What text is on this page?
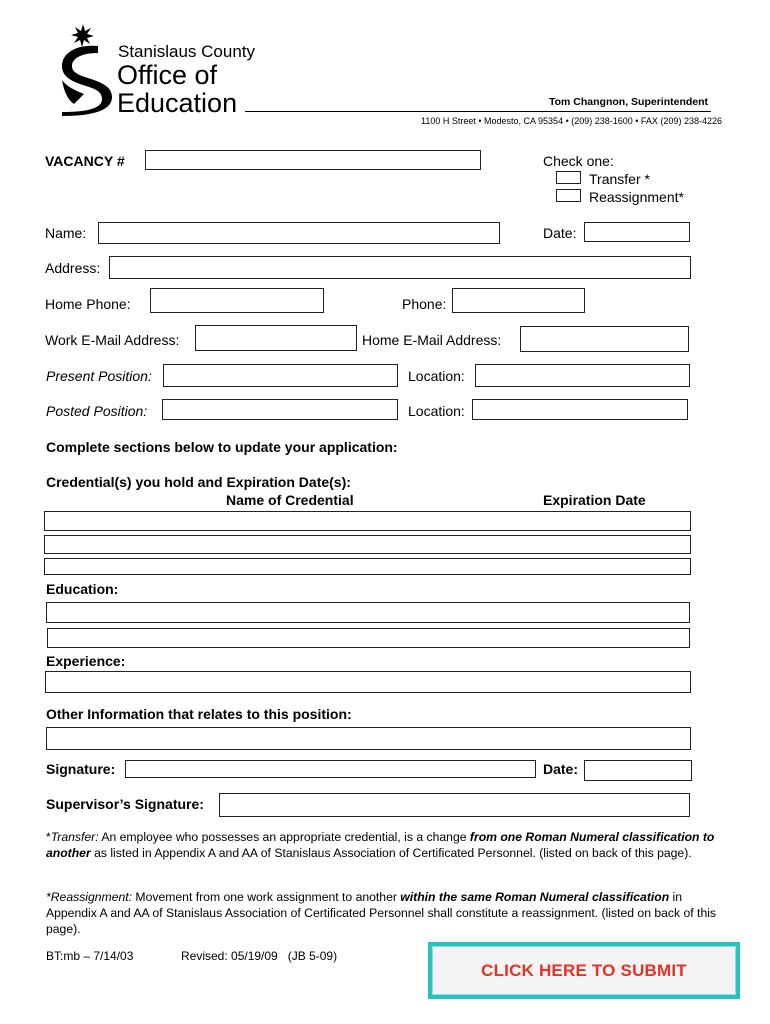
Stanislaus County
Office of
Education	Tom Changnon, Superintendent
1100 H Street • Modesto, CA 95354 • (209) 238-1600 • FAX (209) 238-4226
VACANCY #	Check one:
Transfer *
Reassignment*
Name:	Date:
Address:
Home Phone:	Phone:
Work E-Mail Address:	Home E-Mail Address:
Present Position:	Location:
Posted Position:	Location:
Complete sections below to update your application:
Credential(s) you hold and Expiration Date(s):
Name of Credential	Expiration Date
Education:
Experience:
Other Information that relates to this position:
Signature:	Date:
Supervisor’s Signature:
*Transfer: An employee who possesses an appropriate credential, is a change from one Roman Numeral classification to another as listed in Appendix A and AA of Stanislaus Association of Certificated Personnel. (listed on back of this page).
*Reassignment: Movement from one work assignment to another within the same Roman Numeral classification in Appendix A and AA of Stanislaus Association of Certificated Personnel shall constitute a reassignment. (listed on back of this page).
BT:mb – 7/14/03	Revised: 05/19/09   (JB 5-09)
CLICK HERE TO SUBMIT
